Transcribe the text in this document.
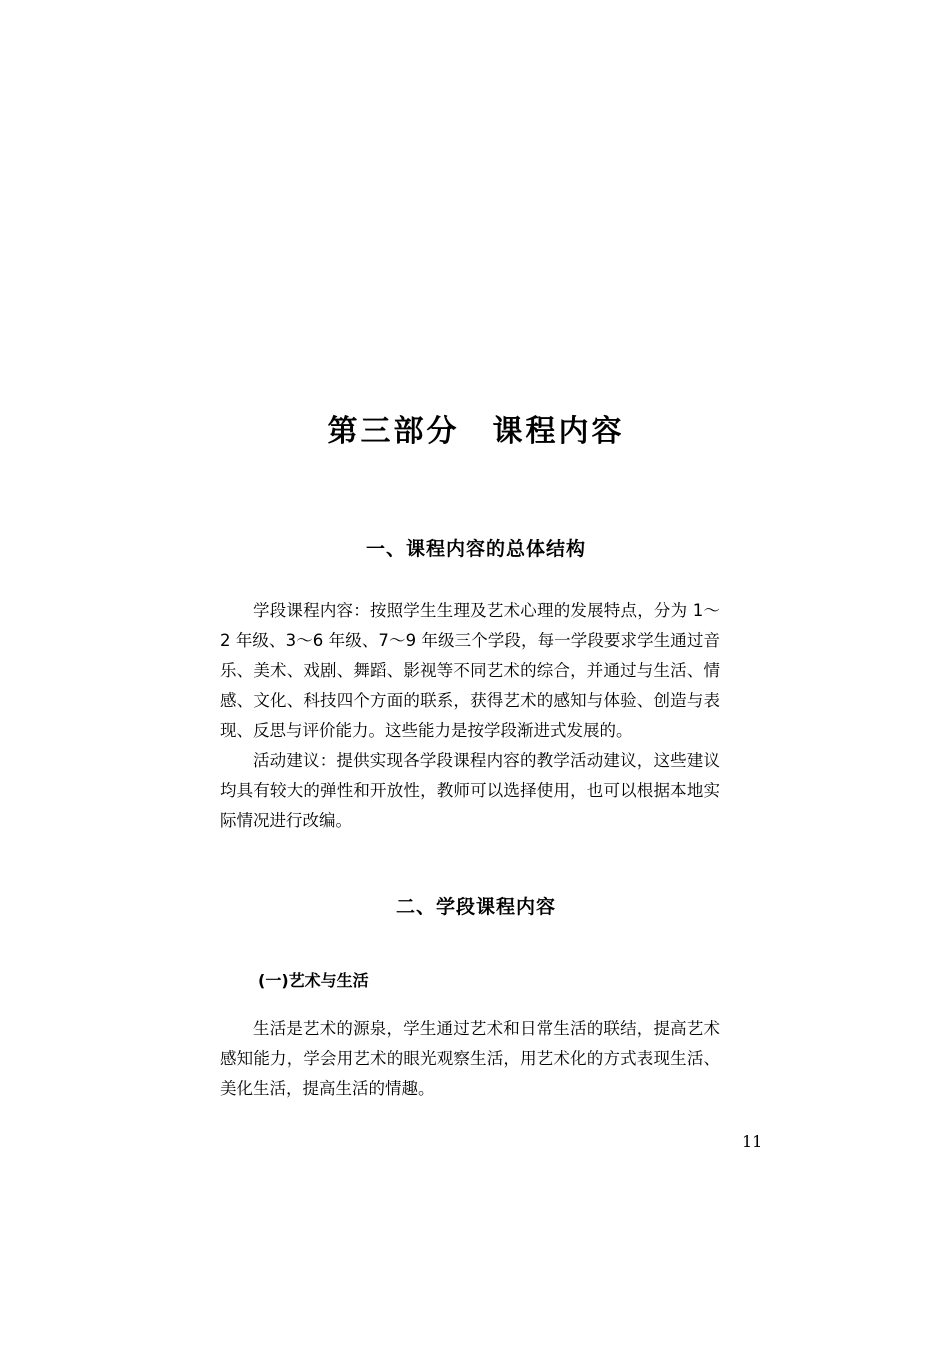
第三部分　课程内容
一、课程内容的总体结构

学段课程内容：按照学生生理及艺术心理的发展特点，分为 1～2 年级、3～6 年级、7～9 年级三个学段，每一学段要求学生通过音乐、美术、戏剧、舞蹈、影视等不同艺术的综合，并通过与生活、情感、文化、科技四个方面的联系，获得艺术的感知与体验、创造与表现、反思与评价能力。这些能力是按学段渐进式发展的。

活动建议：提供实现各学段课程内容的教学活动建议，这些建议均具有较大的弹性和开放性，教师可以选择使用，也可以根据本地实际情况进行改编。

二、学段课程内容
(一)艺术与生活

生活是艺术的源泉，学生通过艺术和日常生活的联结，提高艺术感知能力，学会用艺术的眼光观察生活，用艺术化的方式表现生活、美化生活，提高生活的情趣。

11
